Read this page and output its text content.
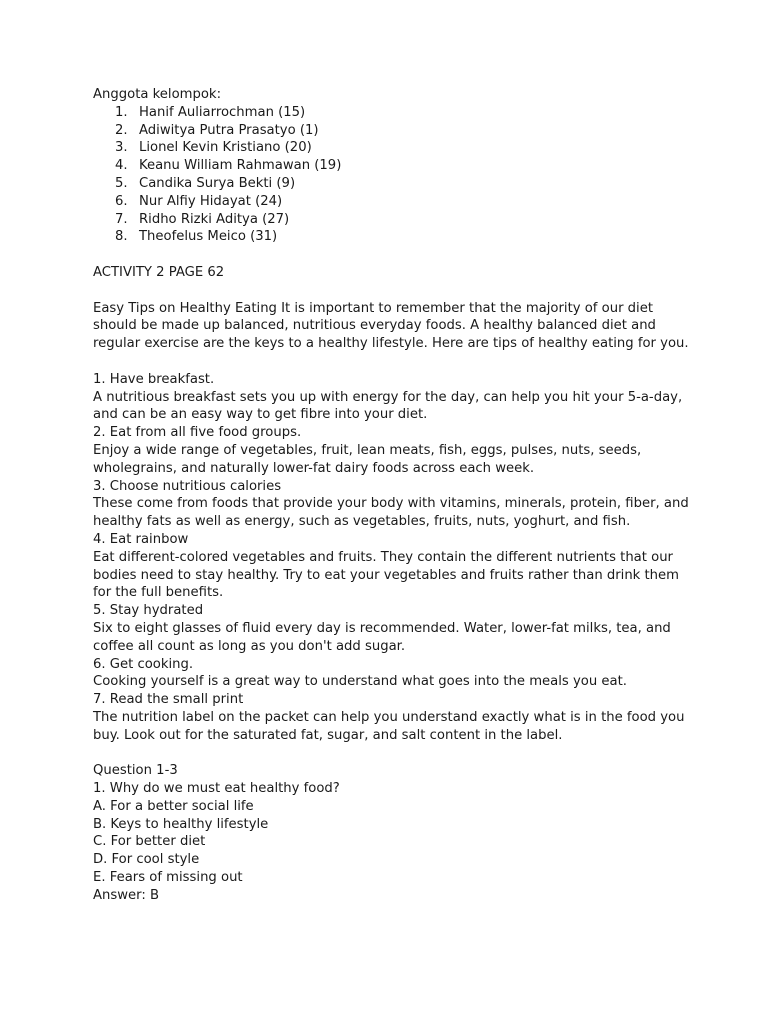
Anggota kelompok:

1. Hanif Auliarrochman (15)
2. Adiwitya Putra Prasatyo (1)
3. Lionel Kevin Kristiano (20)
4. Keanu William Rahmawan (19)
5. Candika Surya Bekti (9)
6. Nur Alfiy Hidayat (24)
7. Ridho Rizki Aditya (27)
8. Theofelus Meico (31)

ACTIVITY 2 PAGE 62

Easy Tips on Healthy Eating It is important to remember that the majority of our diet should be made up balanced, nutritious everyday foods. A healthy balanced diet and regular exercise are the keys to a healthy lifestyle. Here are tips of healthy eating for you.

1. Have breakfast.

A nutritious breakfast sets you up with energy for the day, can help you hit your 5-a-day, and can be an easy way to get fibre into your diet.

2. Eat from all five food groups.

Enjoy a wide range of vegetables, fruit, lean meats, fish, eggs, pulses, nuts, seeds, wholegrains, and naturally lower-fat dairy foods across each week.

3. Choose nutritious calories

These come from foods that provide your body with vitamins, minerals, protein, fiber, and healthy fats as well as energy, such as vegetables, fruits, nuts, yoghurt, and fish.

4. Eat rainbow

Eat different-colored vegetables and fruits. They contain the different nutrients that our bodies need to stay healthy. Try to eat your vegetables and fruits rather than drink them for the full benefits.

5. Stay hydrated

Six to eight glasses of fluid every day is recommended. Water, lower-fat milks, tea, and coffee all count as long as you don't add sugar.

6. Get cooking.

Cooking yourself is a great way to understand what goes into the meals you eat.

7. Read the small print

The nutrition label on the packet can help you understand exactly what is in the food you buy. Look out for the saturated fat, sugar, and salt content in the label.

Question 1-3

1. Why do we must eat healthy food?

A. For a better social life

B. Keys to healthy lifestyle

C. For better diet

D. For cool style

E. Fears of missing out

Answer: B
